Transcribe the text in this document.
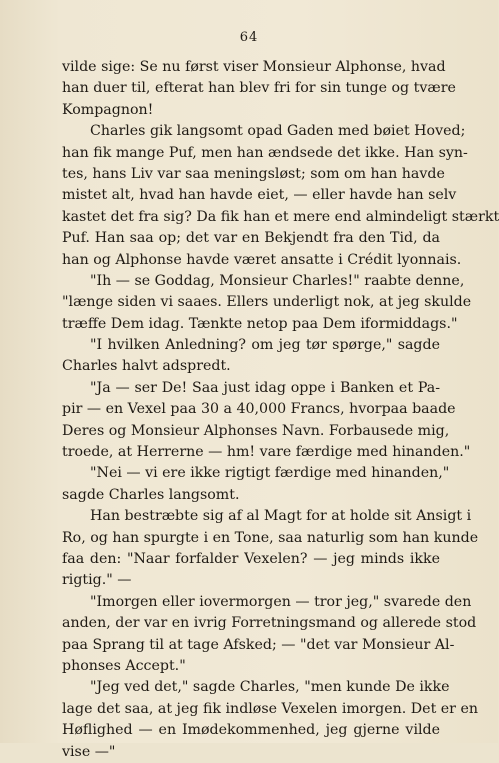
64
vilde sige: Se nu først viser Monsieur Alphonse, hvad
han duer til, efterat han blev fri for sin tunge og tvære
Kompagnon!
Charles gik langsomt opad Gaden med bøiet Hoved;
han fik mange Puf, men han ændsede det ikke. Han syn-
tes, hans Liv var saa meningsløst; som om han havde
mistet alt, hvad han havde eiet, — eller havde han selv
kastet det fra sig? Da fik han et mere end almindeligt stærkt
Puf. Han saa op; det var en Bekjendt fra den Tid, da
han og Alphonse havde været ansatte i Crédit lyonnais.
"Ih — se Goddag, Monsieur Charles!" raabte denne,
"længe siden vi saaes. Ellers underligt nok, at jeg skulde
træffe Dem idag. Tænkte netop paa Dem iformiddags."
"I hvilken Anledning? om jeg tør spørge," sagde
Charles halvt adspredt.
"Ja — ser De! Saa just idag oppe i Banken et Pa-
pir — en Vexel paa 30 a 40,000 Francs, hvorpaa baade
Deres og Monsieur Alphonses Navn. Forbausede mig,
troede, at Herrerne — hm! vare færdige med hinanden."
"Nei — vi ere ikke rigtigt færdige med hinanden,"
sagde Charles langsomt.
Han bestræbte sig af al Magt for at holde sit Ansigt i
Ro, og han spurgte i en Tone, saa naturlig som han kunde
faa den: "Naar forfalder Vexelen? — jeg minds ikke
rigtig." —
"Imorgen eller iovermorgen — tror jeg," svarede den
anden, der var en ivrig Forretningsmand og allerede stod
paa Sprang til at tage Afsked; — "det var Monsieur Al-
phonses Accept."
"Jeg ved det," sagde Charles, "men kunde De ikke
lage det saa, at jeg fik indløse Vexelen imorgen. Det er en
Høflighed — en Imødekommenhed, jeg gjerne vilde
vise —"
